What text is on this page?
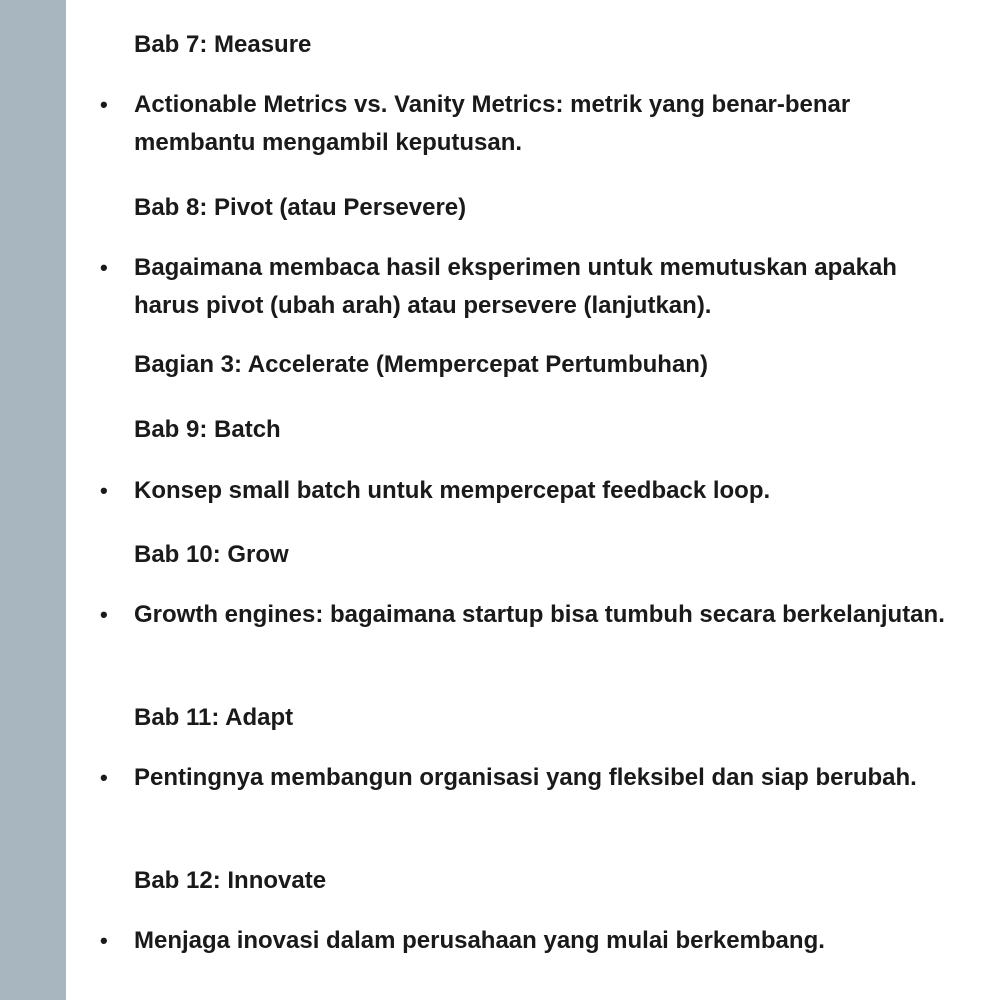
Bab 7: Measure
•	Actionable Metrics vs. Vanity Metrics: metrik yang benar-benar membantu mengambil keputusan.
Bab 8: Pivot (atau Persevere)
•	Bagaimana membaca hasil eksperimen untuk memutuskan apakah harus pivot (ubah arah) atau persevere (lanjutkan).
Bagian 3: Accelerate (Mempercepat Pertumbuhan)
Bab 9: Batch
•	Konsep small batch untuk mempercepat feedback loop.
Bab 10: Grow
•	Growth engines: bagaimana startup bisa tumbuh secara berkelanjutan.
Bab 11: Adapt
•	Pentingnya membangun organisasi yang fleksibel dan siap berubah.
Bab 12: Innovate
•	Menjaga inovasi dalam perusahaan yang mulai berkembang.
